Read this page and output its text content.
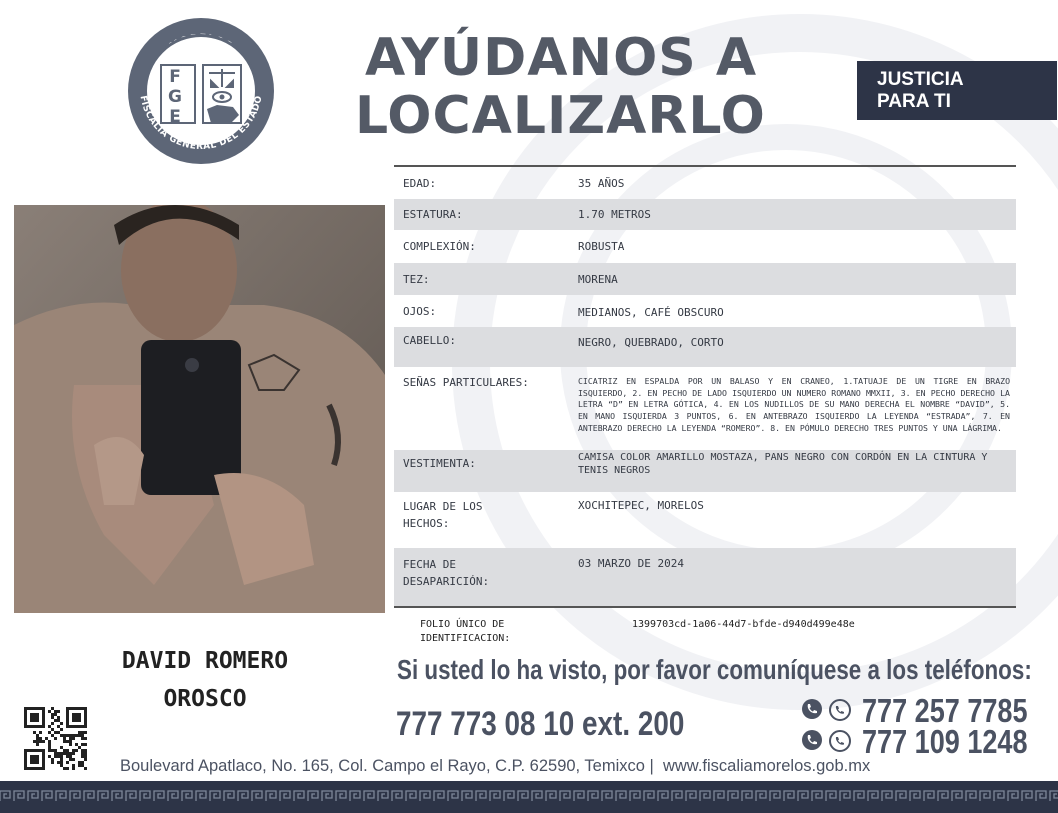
F
G
E
FISCALÍA GENERAL DEL ESTADO
AYÚDANOS A
LOCALIZARLO
JUSTICIA
PARA TI
EDAD:	35 AÑOS
ESTATURA:	1.70 METROS
COMPLEXIÓN:	ROBUSTA
TEZ:	MORENA
OJOS:	MEDIANOS, CAFÉ OBSCURO
CABELLO:	NEGRO, QUEBRADO, CORTO
SEÑAS PARTICULARES:	CICATRIZ EN ESPALDA POR UN BALASO Y EN CRANEO, 1.TATUAJE DE UN TIGRE EN BRAZO ISQUIERDO, 2. EN PECHO DE LADO ISQUIERDO UN NUMERO ROMANO MMXII, 3. EN PECHO DERECHO LA LETRA “D” EN LETRA GÓTICA, 4. EN LOS NUDILLOS DE SU MANO DERECHA EL NOMBRE “DAVID”, 5. EN MANO ISQUIERDA 3 PUNTOS, 6. EN ANTEBRAZO ISQUIERDO LA LEYENDA “ESTRADA”, 7. EN ANTEBRAZO DERECHO LA LEYENDA “ROMERO”. 8. EN PÓMULO DERECHO TRES PUNTOS Y UNA LÁGRIMA.
VESTIMENTA:	CAMISA COLOR AMARILLO MOSTAZA, PANS NEGRO CON CORDÓN EN LA CINTURA Y TENIS NEGROS
LUGAR DE LOS HECHOS:
XOCHITEPEC, MORELOS
FECHA DE DESAPARICIÓN:
03 MARZO DE 2024
FOLIO ÚNICO DE IDENTIFICACION:
1399703cd-1a06-44d7-bfde-d940d499e48e
DAVID ROMERO
OROSCO
Si usted lo ha visto, por favor comuníquese a los teléfonos:
777 773 08 10 ext. 200	777 257 7785
777 109 1248
Boulevard Apatlaco, No. 165, Col. Campo el Rayo, C.P. 62590, Temixco |  www.fiscaliamorelos.gob.mx
